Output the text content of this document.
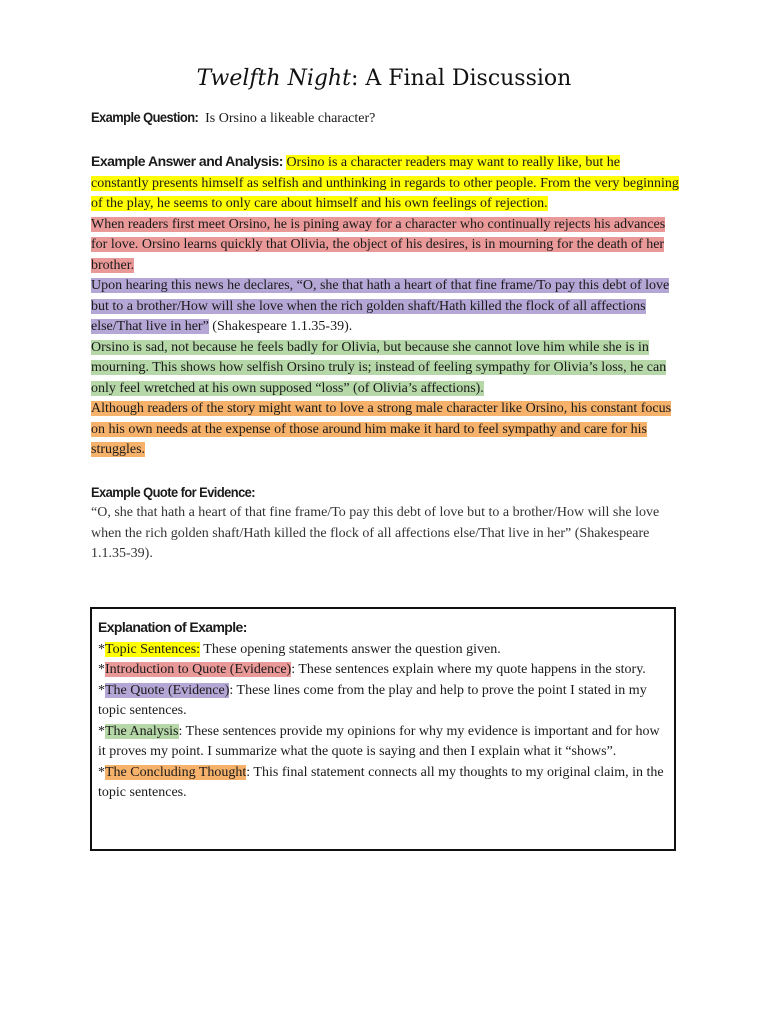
Twelfth Night: A Final Discussion
Example Question: Is Orsino a likeable character?
Example Answer and Analysis: Orsino is a character readers may want to really like, but he constantly presents himself as selfish and unthinking in regards to other people. From the very beginning of the play, he seems to only care about himself and his own feelings of rejection.
When readers first meet Orsino, he is pining away for a character who continually rejects his advances for love. Orsino learns quickly that Olivia, the object of his desires, is in mourning for the death of her brother.
Upon hearing this news he declares, “O, she that hath a heart of that fine frame/To pay this debt of love but to a brother/How will she love when the rich golden shaft/Hath killed the flock of all affections else/That live in her” (Shakespeare 1.1.35-39).
Orsino is sad, not because he feels badly for Olivia, but because she cannot love him while she is in mourning. This shows how selfish Orsino truly is; instead of feeling sympathy for Olivia’s loss, he can only feel wretched at his own supposed “loss” (of Olivia’s affections).
Although readers of the story might want to love a strong male character like Orsino, his constant focus on his own needs at the expense of those around him make it hard to feel sympathy and care for his struggles.
Example Quote for Evidence:
“O, she that hath a heart of that fine frame/To pay this debt of love but to a brother/How will she love when the rich golden shaft/Hath killed the flock of all affections else/That live in her” (Shakespeare 1.1.35-39).
Explanation of Example:

*Topic Sentences: These opening statements answer the question given.

*Introduction to Quote (Evidence): These sentences explain where my quote happens in the story.

*The Quote (Evidence): These lines come from the play and help to prove the point I stated in my topic sentences.

*The Analysis: These sentences provide my opinions for why my evidence is important and for how it proves my point. I summarize what the quote is saying and then I explain what it “shows”.

*The Concluding Thought: This final statement connects all my thoughts to my original claim, in the topic sentences.
